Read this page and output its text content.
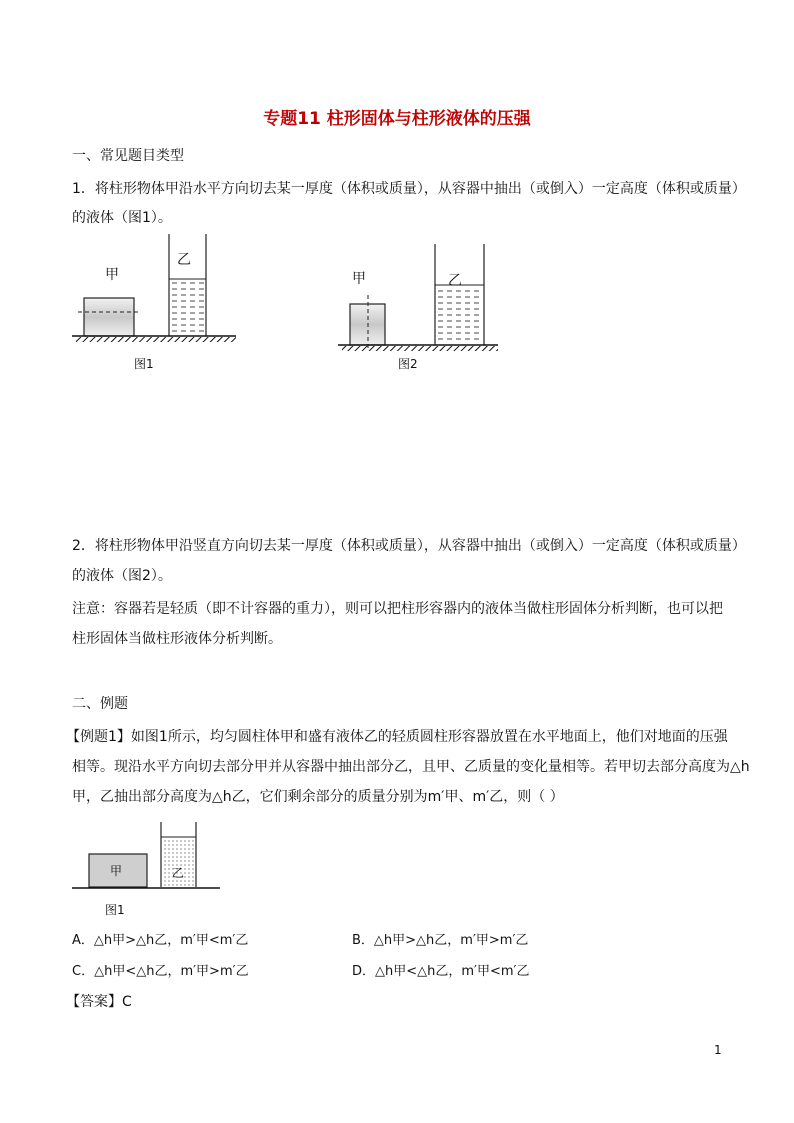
专题11 柱形固体与柱形液体的压强
一、常见题目类型
1．将柱形物体甲沿水平方向切去某一厚度（体积或质量），从容器中抽出（或倒入）一定高度（体积或质量）
的液体（图1）。
甲
乙
图1
甲	乙
图2
2．将柱形物体甲沿竖直方向切去某一厚度（体积或质量），从容器中抽出（或倒入）一定高度（体积或质量）
的液体（图2）。
注意：容器若是轻质（即不计容器的重力），则可以把柱形容器内的液体当做柱形固体分析判断，也可以把
柱形固体当做柱形液体分析判断。
二、例题
【例题1】如图1所示，均匀圆柱体甲和盛有液体乙的轻质圆柱形容器放置在水平地面上，他们对地面的压强
相等。现沿水平方向切去部分甲并从容器中抽出部分乙，且甲、乙质量的变化量相等。若甲切去部分高度为△h
甲，乙抽出部分高度为△h乙，它们剩余部分的质量分别为m′甲、m′乙，则（ ）
甲	乙
图1
A．△h甲>△h乙，m′甲<m′乙	B．△h甲>△h乙，m′甲>m′乙
C．△h甲<△h乙，m′甲>m′乙	D．△h甲<△h乙，m′甲<m′乙
【答案】C
1
